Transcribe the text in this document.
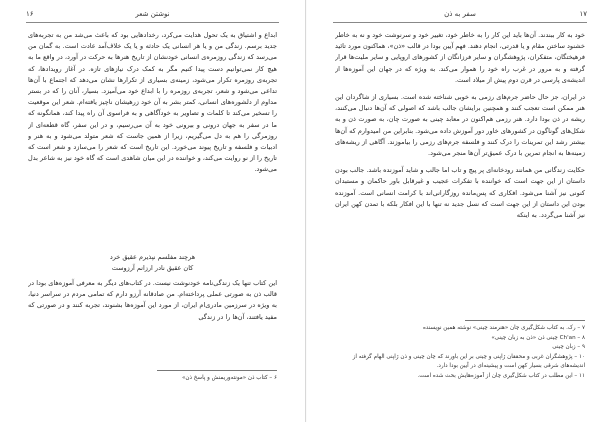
۱۶	نوشتن شعر

ابداع و اشتیاق به یک تحول هدایت می‌کرد، رخدادهایی بود که باعث می‌شد من به تجربه‌های جدید برسم. زندگی من و یا هر انسانی یک حادثه و یا یک خلاف‌آمد عادت است. به گمان من می‌رسد که زندگی روزمره‌ی انسانی خودنشان از تاریخ هنرها به حرکت در آورد، در واقع ما به هیچ کار نمی‌توانیم دست پیدا کنیم مگر به کمک درک نیازهای تازه. در آغاز رویدادها، که تجربه‌ی روزمره تکرار می‌شود، زمینه‌ی بسیاری از تکرارها نشان می‌دهد که اجتماع با آن‌ها تداعی می‌شود و شعر، تجربه‌ی روزمره را با ابداع خود می‌آمیزد. بسیار، آنان را که در بستر مداوم از دلشوره‌های انسانی، کمتر بشر به آن خود زرهیشان ناچیز یافته‌ام. شعر این موقعیت را تسخیر می‌کند تا کلمات و تصاویر به خودآگاهی و به فراسوی آن راه پیدا کند، همانگونه که ما در سفر به جهان درونی و بیرونی خود به آن می‌رسیم، و در این سفر، گاه قطعه‌ای از روزمرگی را هم به دل می‌گیریم، زیرا از همین جاست که شعر متولد می‌شود و به هنر و ادبیات و فلسفه و تاریخ پیوند می‌خورد. این تاریخ است که شعر را می‌سازد و شعر است که تاریخ را از نو روایت می‌کند، و خواننده در این میان شاهدی است که گاه خود نیز به شاعر بدل می‌شود.

هرچند مفلسم نپذیرم عقیق خرد
کان عقیق نادر ارزانم آرزوست

این کتاب تنها یک زندگی‌نامه خودنوشت نیست. در کتاب‌های دیگر به معرفی آموزه‌های بودا در قالب ذن به صورتی عملی پرداخته‌ام. من صادقانه آرزو دارم که تمامی مردم در سراسر دنیا، به ویژه در سرزمین مادری‌ام ایران، از مورد این آموزه‌ها بشنوند، تجربه کنند و در صورتی که مفید یافتند، آن‌ها را در زندگی

۶ – کتاب ذن «مونته‌وریمنش و پاسخ ذن»
۱۷
سفر به ذن

خود به کار ببندند. آن‌ها باید این کار را به خاطر خود، تغییر خود و سرنوشت خود و نه به خاطر خشنود ساختن مقام و یا قدرتی، انجام دهند. فهم آیین بودا در قالب «ذن»، هماکنون مورد تائید فرهیختگان، متفکران، پژوهشگران و سایر فرزانگان از کشورهای اروپایی و سایر ملیت‌ها قرار گرفته و به مرور در غرب راه خود را هموار می‌کند. به ویژه که در جهان این آموزه‌ها از اندیشه‌ی پارسی در قرن دوم پیش از میلاد است.

در ایران، جز حال حاضر جرم‌های رزمی به خوبی شناخته شده است. بسیاری از شاگردان این هنر ممکن است تعجب کنند و همچنین برایشان جالب باشد که اصولی که آن‌ها دنبال می‌کنند، ریشه در ذن بودا دارد. هنر رزمی هم‌اکنون در معابد چینی به صورت چان، به صورت ذن و به شکل‌های گوناگون در کشورهای خاور دور آموزش داده می‌شود. بنابراین من امیدوارم که آن‌ها بیشتر رشد این تمرینات را درک کنند و فلسفه جرم‌های رزمی را بیاموزند. آگاهی از ریشه‌های زمینه‌ها به انجام تمرین با درک عمیق‌تر آن‌ها منجر می‌شود.

حکایت زندگانی من همانند رودخانه‌ای پر پیچ و تاب اما جالب و شاید آموزنده باشد. جالب بودن داستان از این جهت است که خواننده با تفکرات عجیب و غیرقابل باور حاکمان و مستبدان کنونی نیز آشنا می‌شود. افکاری که پس‌مانده روزگارانی‌اند با کرامت انسانی است. آموزنده بودن این داستان از این جهت است که نسل جدید نه تنها با این افکار بلکه با تمدن کهن ایران نیز آشنا می‌گردد. به اینکه

۷ – رک. به کتاب شکل‌گیری چان «هنرمند چینی» نوشته همین نویسنده
۸ – Ch'an چینی ذن «ذن به زبان چینی»
۹ – زبان چینی
۱۰ – پژوهشگران غربی و محققان ژاپنی و چینی بر این باورند که چان چینی و ذن ژاپنی الهام گرفته از اندیشه‌های شرقی بسیار کهن است و پیشینه‌ای در آیین بودا دارد.
۱۱ – این مطلب در کتاب شکل‌گیری چان از آموزه‌هایش بحث شده است.
